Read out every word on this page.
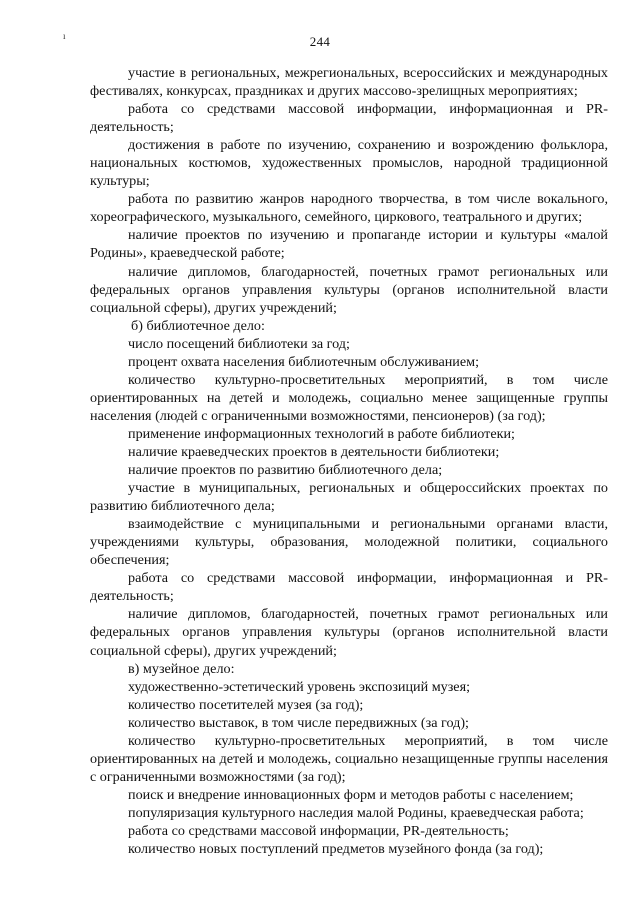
ı	244

участие в региональных, межрегиональных, всероссийских и международных фестивалях, конкурсах, праздниках и других массово-зрелищных мероприятиях;

работа со средствами массовой информации, информационная и PR-деятельность;

достижения в работе по изучению, сохранению и возрождению фольклора, национальных костюмов, художественных промыслов, народной традиционной культуры;

работа по развитию жанров народного творчества, в том числе вокального, хореографического, музыкального, семейного, циркового, театрального и других;

наличие проектов по изучению и пропаганде истории и культуры «малой Родины», краеведческой работе;

наличие дипломов, благодарностей, почетных грамот региональных или федеральных органов управления культуры (органов исполнительной власти социальной сферы), других учреждений;

б) библиотечное дело:

число посещений библиотеки за год;

процент охвата населения библиотечным обслуживанием;

количество культурно-просветительных мероприятий, в том числе ориентированных на детей и молодежь, социально менее защищенные группы населения (людей с ограниченными возможностями, пенсионеров) (за год);

применение информационных технологий в работе библиотеки;

наличие краеведческих проектов в деятельности библиотеки;

наличие проектов по развитию библиотечного дела;

участие в муниципальных, региональных и общероссийских проектах по развитию библиотечного дела;

взаимодействие с муниципальными и региональными органами власти, учреждениями культуры, образования, молодежной политики, социального обеспечения;

работа со средствами массовой информации, информационная и PR-деятельность;

наличие дипломов, благодарностей, почетных грамот региональных или федеральных органов управления культуры (органов исполнительной власти социальной сферы), других учреждений;

в) музейное дело:

художественно-эстетический уровень экспозиций музея;

количество посетителей музея (за год);

количество выставок, в том числе передвижных (за год);

количество культурно-просветительных мероприятий, в том числе ориентированных на детей и молодежь, социально незащищенные группы населения с ограниченными возможностями (за год);

поиск и внедрение инновационных форм и методов работы с населением;

популяризация культурного наследия малой Родины, краеведческая работа;

работа со средствами массовой информации, PR-деятельность;

количество новых поступлений предметов музейного фонда (за год);
